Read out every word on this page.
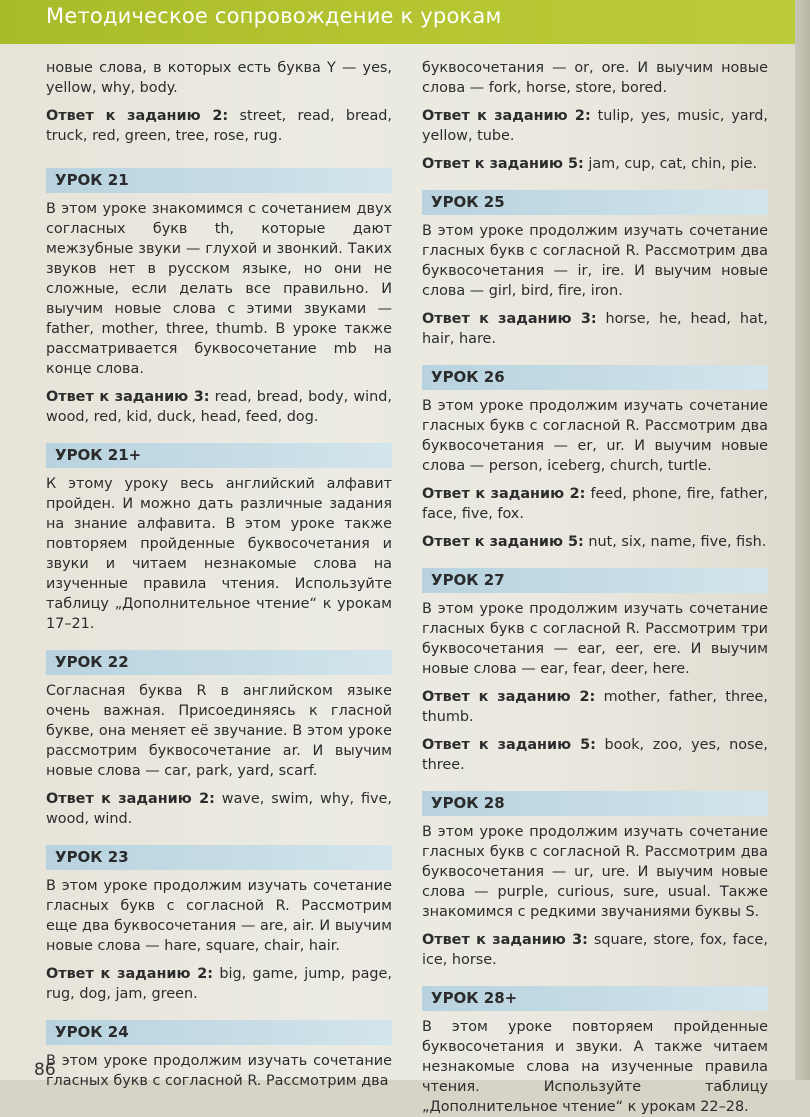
Методическое сопровождение к урокам

новые слова, в которых есть буква Y — yes, yellow, why, body.

Ответ к заданию 2: street, read, bread, truck, red, green, tree, rose, rug.

УРОК 21

В этом уроке знакомимся с сочетанием двух согласных букв th, которые дают межзубные звуки — глухой и звонкий. Таких звуков нет в русском языке, но они не сложные, если делать все правильно. И выучим новые слова с этими звуками — father, mother, three, thumb. В уроке также рассматривается буквосочетание mb на конце слова.

Ответ к заданию 3: read, bread, body, wind, wood, red, kid, duck, head, feed, dog.

УРОК 21+

К этому уроку весь английский алфавит пройден. И можно дать различные задания на знание алфавита. В этом уроке также повторяем пройденные буквосочетания и звуки и читаем незнакомые слова на изученные правила чтения. Используйте таблицу „Дополнительное чтение“ к урокам 17–21.

УРОК 22

Согласная буква R в английском языке очень важная. Присоединяясь к гласной букве, она меняет её звучание. В этом уроке рассмотрим буквосочетание ar. И выучим новые слова — car, park, yard, scarf.

Ответ к заданию 2: wave, swim, why, five, wood, wind.

УРОК 23

В этом уроке продолжим изучать сочетание гласных букв с согласной R. Рассмотрим еще два буквосочетания — are, air. И выучим новые слова — hare, square, chair, hair.

Ответ к заданию 2: big, game, jump, page, rug, dog, jam, green.

УРОК 24

В этом уроке продолжим изучать сочетание гласных букв с согласной R. Рассмотрим два

буквосочетания — or, ore. И выучим новые слова — fork, horse, store, bored.

Ответ к заданию 2: tulip, yes, music, yard, yellow, tube.

Ответ к заданию 5: jam, cup, cat, chin, pie.

УРОК 25

В этом уроке продолжим изучать сочетание гласных букв с согласной R. Рассмотрим два буквосочетания — ir, ire. И выучим новые слова — girl, bird, fire, iron.

Ответ к заданию 3: horse, he, head, hat, hair, hare.

УРОК 26

В этом уроке продолжим изучать сочетание гласных букв с согласной R. Рассмотрим два буквосочетания — er, ur. И выучим новые слова — person, iceberg, church, turtle.

Ответ к заданию 2: feed, phone, fire, father, face, five, fox.

Ответ к заданию 5: nut, six, name, five, fish.

УРОК 27

В этом уроке продолжим изучать сочетание гласных букв с согласной R. Рассмотрим три буквосочетания — ear, eer, ere. И выучим новые слова — ear, fear, deer, here.

Ответ к заданию 2: mother, father, three, thumb.

Ответ к заданию 5: book, zoo, yes, nose, three.

УРОК 28

В этом уроке продолжим изучать сочетание гласных букв с согласной R. Рассмотрим два буквосочетания — ur, ure. И выучим новые слова — purple, curious, sure, usual. Также знакомимся с редкими звучаниями буквы S.

Ответ к заданию 3: square, store, fox, face, ice, horse.

УРОК 28+

В этом уроке повторяем пройденные буквосочетания и звуки. А также читаем незнакомые слова на изученные правила чтения. Используйте таблицу „Дополнительное чтение“ к урокам 22–28.

86
